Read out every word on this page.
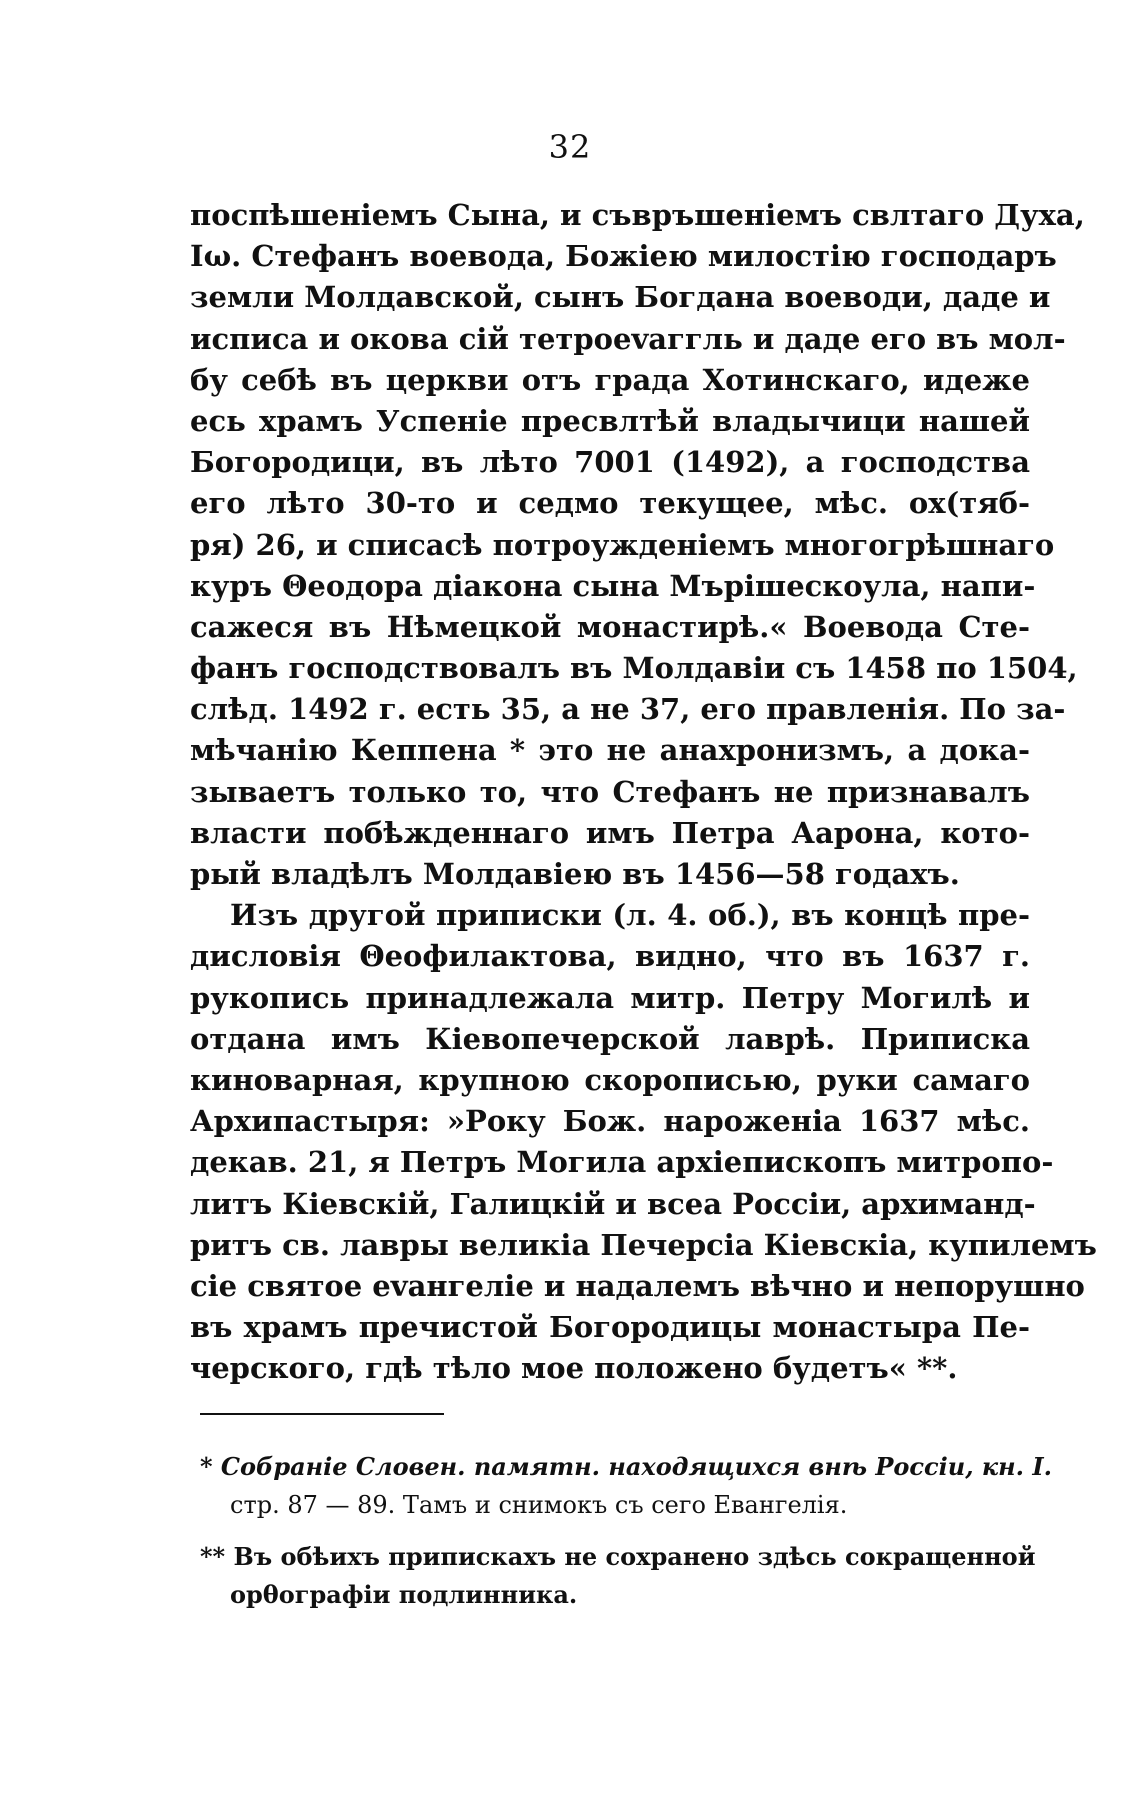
32
поспѣшенiемъ Сына, и съвръшенiемъ свлтаго Духа,
Iω. Стефанъ воевода, Божiею милостiю господаръ
земли Молдавской, сынъ Богдана воеводи, даде и
исписа и окова сiй тетроеvаггль и даде его въ мол-
бу себѣ въ церкви отъ града Хотинскаго, идеже
есь храмъ Успенiе пресвлтѣй владычици нашей
Богородици, въ лѣто 7001 (1492), а господства
его лѣто 30-то и седмо текущее, мѣс. ох(тяб-
ря) 26, и списасѣ потроужденiемъ многогрѣшнаго
куръ Θеодора дiакона сына Мърiшескоула, напи-
сажеся въ Нѣмецкой монастирѣ.« Воевода Сте-
фанъ господствовалъ въ Молдавiи съ 1458 по 1504,
слѣд. 1492 г. есть 35, а не 37, его правленiя. По за-
мѣчанiю Кеппена * это не анахронизмъ, а дока-
зываетъ только то, что Стефанъ не признавалъ
власти побѣжденнаго имъ Петра Аарона, кото-
рый владѣлъ Молдавiею въ 1456—58 годахъ.
Изъ другой приписки (л. 4. об.), въ концѣ пре-
дисловiя Θеофилактова, видно, что въ 1637 г.
рукопись принадлежала митр. Петру Могилѣ и
отдана имъ Кiевопечерской лаврѣ. Приписка
киноварная, крупною скорописью, руки самаго
Архипастыря: »Року Бож. нароженiа 1637 мѣс.
декав. 21, я Петръ Могила архiепископъ митропо-
литъ Кiевскiй, Галицкiй и всеа Россiи, архиманд-
ритъ св. лавры великiа Печерсiа Кiевскiа, купилемъ
сiе святое еvангелiе и надалемъ вѣчно и непорушно
въ храмъ пречистой Богородицы монастыра Пе-
черского, гдѣ тѣло мое положено будетъ« **.
* Собранiе Словен. памятн. находящихся внѣ Россiи, кн. I.
стр. 87 — 89. Тамъ и снимокъ съ сего Евангелiя.
** Въ обѣихъ припискахъ не сохранено здѣсь сокращенной
орθографiи подлинника.
